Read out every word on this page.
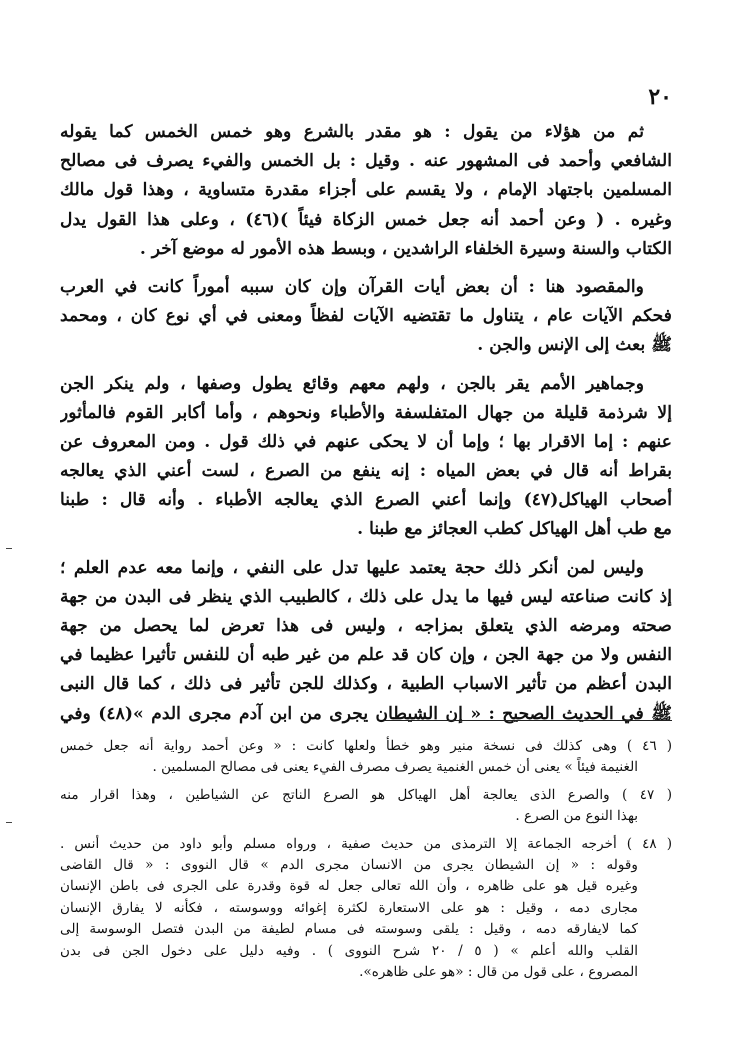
٢٠
ثم من هؤلاء من يقول : هو مقدر بالشرع وهو خمس الخمس كما يقوله
الشافعي وأحمد فى المشهور عنه . وقيل : بل الخمس والفيء يصرف فى مصالح
المسلمين باجتهاد الإمام ، ولا يقسم على أجزاء مقدرة متساوية ، وهذا قول مالك
وغيره . ( وعن أحمد أنه جعل خمس الزكاة فيئاً )(٤٦) ، وعلى هذا القول يدل
الكتاب والسنة وسيرة الخلفاء الراشدين ، وبسط هذه الأمور له موضع آخر .
والمقصود هنا : أن بعض أيات القرآن وإن كان سببه أموراً كانت في العرب
فحكم الآيات عام ، يتناول ما تقتضيه الآيات لفظاً ومعنى في أي نوع كان ، ومحمد
ﷺ بعث إلى الإنس والجن .
وجماهير الأمم يقر بالجن ، ولهم معهم وقائع يطول وصفها ، ولم ينكر الجن
إلا شرذمة قليلة من جهال المتفلسفة والأطباء ونحوهم ، وأما أكابر القوم فالمأثور
عنهم : إما الاقرار بها ؛ وإما أن لا يحكى عنهم في ذلك قول . ومن المعروف عن
بقراط أنه قال في بعض المياه : إنه ينفع من الصرع ، لست أعني الذي يعالجه
أصحاب الهياكل(٤٧) وإنما أعني الصرع الذي يعالجه الأطباء . وأنه قال : طبنا
مع طب أهل الهياكل كطب العجائز مع طبنا .
وليس لمن أنكر ذلك حجة يعتمد عليها تدل على النفي ، وإنما معه عدم العلم ؛
إذ كانت صناعته ليس فيها ما يدل على ذلك ، كالطبيب الذي ينظر فى البدن من جهة
صحته ومرضه الذي يتعلق بمزاجه ، وليس فى هذا تعرض لما يحصل من جهة
النفس ولا من جهة الجن ، وإن كان قد علم من غير طبه أن للنفس تأثيرا عظيما في
البدن أعظم من تأثير الاسباب الطبية ، وكذلك للجن تأثير فى ذلك ، كما قال النبى
ﷺ في الحديث الصحيح : « إن الشيطان يجرى من ابن آدم مجرى الدم »(٤٨) وفي
( ٤٦ ) وهى كذلك فى نسخة منير وهو خطأ ولعلها كانت : « وعن أحمد رواية أنه جعل خمس
الغنيمة فيئاً » يعنى أن خمس الغنمية يصرف مصرف الفيء يعنى فى مصالح المسلمين .
( ٤٧ ) والصرع الذى يعالجة أهل الهياكل هو الصرع الناتج عن الشياطين ، وهذا اقرار منه
بهذا النوع من الصرع .
( ٤٨ ) أخرجه الجماعة إلا الترمذى من حديث صفية ، ورواه مسلم وأبو داود من حديث أنس .
وقوله : « إن الشيطان يجرى من الانسان مجرى الدم » قال النووى : « قال القاضى
وغيره قيل هو على ظاهره ، وأن الله تعالى جعل له قوة وقدرة على الجرى فى باطن الإنسان
مجارى دمه ، وقيل : هو على الاستعارة لكثرة إغوائه ووسوسته ، فكأنه لا يفارق الإنسان
كما لايفارقه دمه ، وقيل : يلقى وسوسته فى مسام لطيفة من البدن فتصل الوسوسة إلى
القلب والله أعلم » ( ٥ / ٢٠ شرح النووى ) . وفيه دليل على دخول الجن فى بدن
المصروع ، على قول من قال : «هو على ظاهره».
